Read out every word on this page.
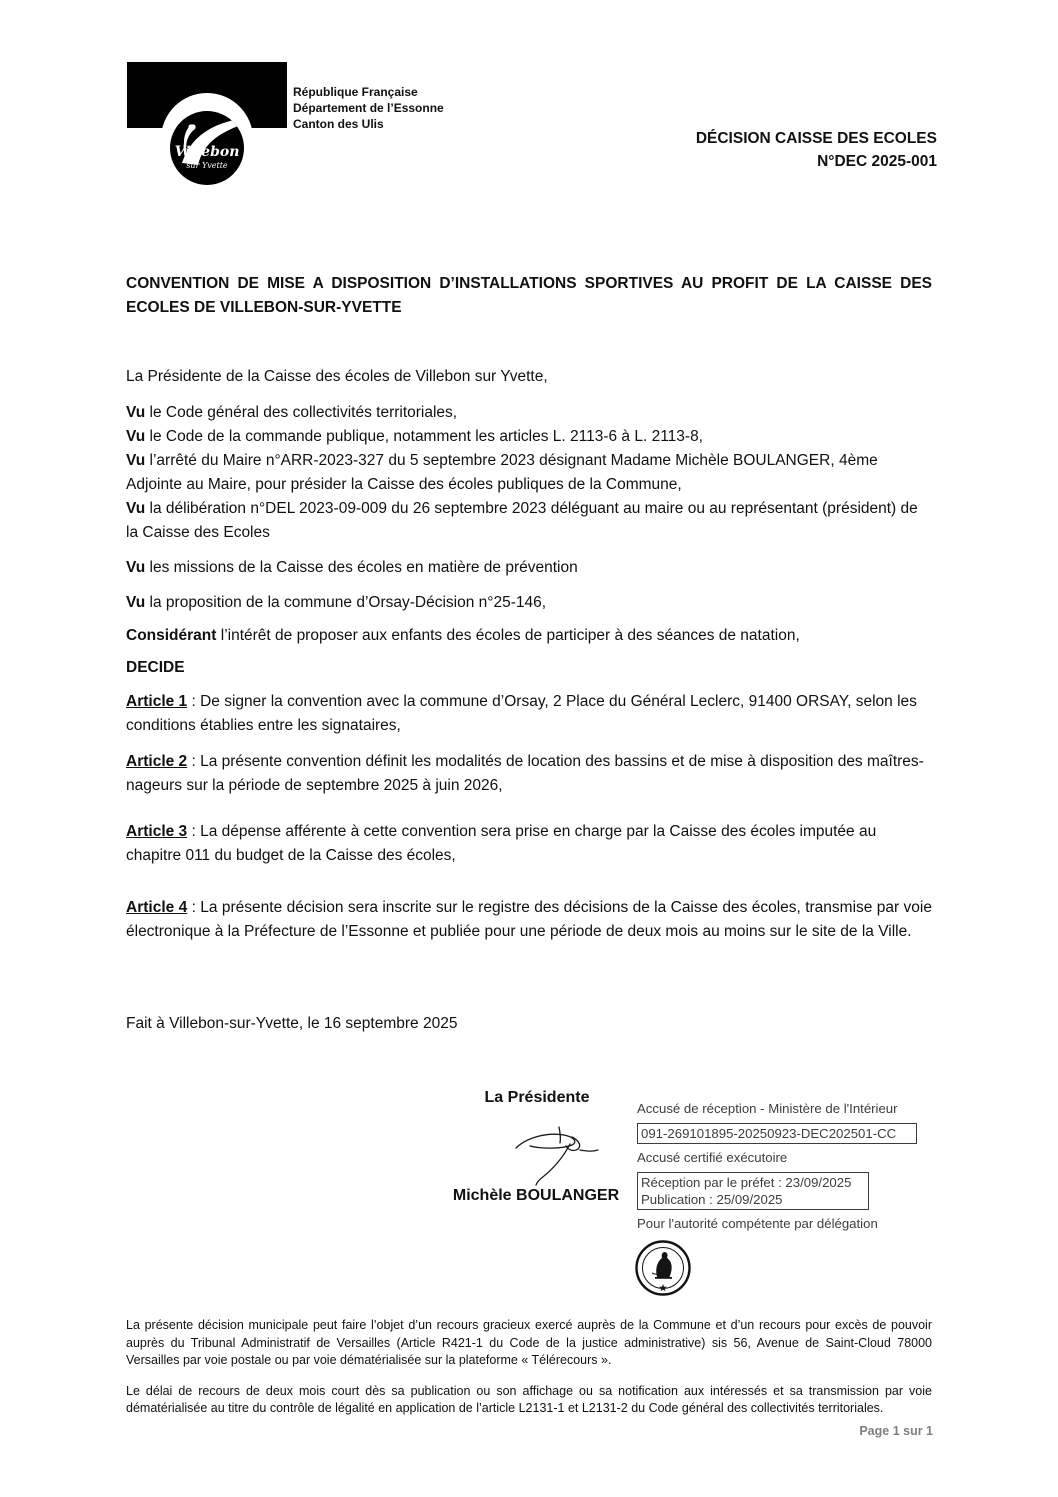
Villebon
sur Yvette
République Française
Département de l’Essonne
Canton des Ulis
DÉCISION CAISSE DES ECOLES
N°DEC 2025-001

CONVENTION DE MISE A DISPOSITION D’INSTALLATIONS SPORTIVES AU PROFIT DE LA CAISSE DES ECOLES DE VILLEBON-SUR-YVETTE

La Présidente de la Caisse des écoles de Villebon sur Yvette,

Vu le Code général des collectivités territoriales,

Vu le Code de la commande publique, notamment les articles L. 2113-6 à L. 2113-8,

Vu l’arrêté du Maire n°ARR-2023-327 du 5 septembre 2023 désignant Madame Michèle BOULANGER, 4ème Adjointe au Maire, pour présider la Caisse des écoles publiques de la Commune,

Vu la délibération n°DEL 2023-09-009 du 26 septembre 2023 déléguant au maire ou au représentant (président) de la Caisse des Ecoles

Vu les missions de la Caisse des écoles en matière de prévention

Vu la proposition de la commune d’Orsay-Décision n°25-146,

Considérant l’intérêt de proposer aux enfants des écoles de participer à des séances de natation,

DECIDE

Article 1 : De signer la convention avec la commune d’Orsay, 2 Place du Général Leclerc, 91400 ORSAY, selon les conditions établies entre les signataires,

Article 2 : La présente convention définit les modalités de location des bassins et de mise à disposition des maîtres-nageurs sur la période de septembre 2025 à juin 2026,

Article 3 : La dépense afférente à cette convention sera prise en charge par la Caisse des écoles imputée au chapitre 011 du budget de la Caisse des écoles,

Article 4 : La présente décision sera inscrite sur le registre des décisions de la Caisse des écoles, transmise par voie électronique à la Préfecture de l’Essonne et publiée pour une période de deux mois au moins sur le site de la Ville.

Fait à Villebon-sur-Yvette, le 16 septembre 2025

La Présidente
Michèle BOULANGER
Accusé de réception - Ministère de l'Intérieur
091-269101895-20250923-DEC202501-CC
Accusé certifié exécutoire
Réception par le préfet : 23/09/2025
Publication : 25/09/2025
Pour l'autorité compétente par délégation

La présente décision municipale peut faire l’objet d’un recours gracieux exercé auprès de la Commune et d’un recours pour excès de pouvoir auprès du Tribunal Administratif de Versailles (Article R421-1 du Code de la justice administrative) sis 56, Avenue de Saint-Cloud 78000 Versailles par voie postale ou par voie dématérialisée sur la plateforme « Télérecours ».

Le délai de recours de deux mois court dès sa publication ou son affichage ou sa notification aux intéressés et sa transmission par voie dématérialisée au titre du contrôle de légalité en application de l’article L2131-1 et L2131-2 du Code général des collectivités territoriales.

Page 1 sur 1
